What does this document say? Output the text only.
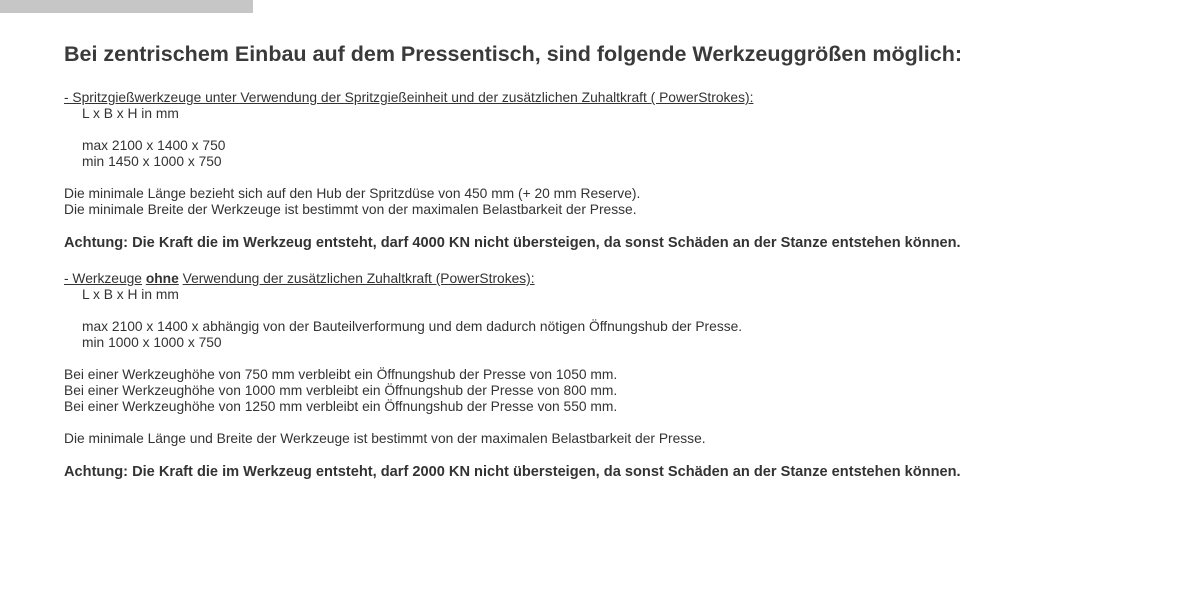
Bei zentrischem Einbau auf dem Pressentisch, sind folgende Werkzeuggrößen möglich:
- Spritzgießwerkzeuge unter Verwendung der Spritzgießeinheit und der zusätzlichen Zuhaltkraft ( PowerStrokes):
L x B x H in mm
max 2100 x 1400 x 750
min 1450 x 1000 x 750
Die minimale Länge bezieht sich auf den Hub der Spritzdüse von 450 mm (+ 20 mm Reserve).
Die minimale Breite der Werkzeuge ist bestimmt von der maximalen Belastbarkeit der Presse.
Achtung: Die Kraft die im Werkzeug entsteht, darf 4000 KN nicht übersteigen, da sonst Schäden an der Stanze entstehen können.
- Werkzeuge ohne Verwendung der zusätzlichen Zuhaltkraft (PowerStrokes):
L x B x H in mm
max 2100 x 1400 x abhängig von der Bauteilverformung und dem dadurch nötigen Öffnungshub der Presse.
min 1000 x 1000 x 750
Bei einer Werkzeughöhe von 750 mm verbleibt ein Öffnungshub der Presse von 1050 mm.
Bei einer Werkzeughöhe von 1000 mm verbleibt ein Öffnungshub der Presse von 800 mm.
Bei einer Werkzeughöhe von 1250 mm verbleibt ein Öffnungshub der Presse von 550 mm.
Die minimale Länge und Breite der Werkzeuge ist bestimmt von der maximalen Belastbarkeit der Presse.
Achtung: Die Kraft die im Werkzeug entsteht, darf 2000 KN nicht übersteigen, da sonst Schäden an der Stanze entstehen können.
